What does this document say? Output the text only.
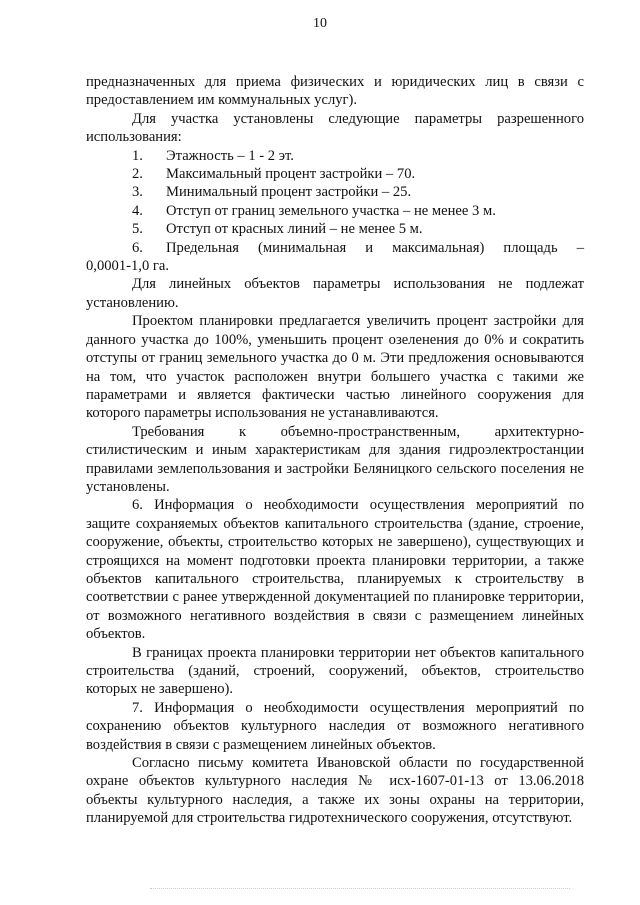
10

предназначенных для приема физических и юридических лиц в связи с предоставлением им коммунальных услуг).

Для участка установлены следующие параметры разрешенного использования:

1.	Этажность – 1 - 2 эт.
2.	Максимальный процент застройки – 70.
3.	Минимальный процент застройки – 25.
4.	Отступ от границ земельного участка – не менее 3 м.
5.	Отступ от красных линий – не менее 5 м.
6.	Предельная (минимальная и максимальная) площадь –

0,0001-1,0 га.

Для линейных объектов параметры использования не подлежат установлению.

Проектом планировки предлагается увеличить процент застройки для данного участка до 100%, уменьшить процент озеленения до 0% и сократить отступы от границ земельного участка до 0 м. Эти предложения основываются на том, что участок расположен внутри большего участка с такими же параметрами и является фактически частью линейного сооружения для которого параметры использования не устанавливаются.

Требования к объемно-пространственным, архитектурно-стилистическим и иным характеристикам для здания гидроэлектростанции правилами землепользования и застройки Беляницкого сельского поселения не установлены.

6. Информация о необходимости осуществления мероприятий по защите сохраняемых объектов капитального строительства (здание, строение, сооружение, объекты, строительство которых не завершено), существующих и строящихся на момент подготовки проекта планировки территории, а также объектов капитального строительства, планируемых к строительству в соответствии с ранее утвержденной документацией по планировке территории, от возможного негативного воздействия в связи с размещением линейных объектов.

В границах проекта планировки территории нет объектов капитального строительства (зданий, строений, сооружений, объектов, строительство которых не завершено).

7. Информация о необходимости осуществления мероприятий по сохранению объектов культурного наследия от возможного негативного воздействия в связи с размещением линейных объектов.

Согласно письму комитета Ивановской области по государственной охране объектов культурного наследия № исх-1607-01-13 от 13.06.2018 объекты культурного наследия, а также их зоны охраны на территории, планируемой для строительства гидротехнического сооружения, отсутствуют.
